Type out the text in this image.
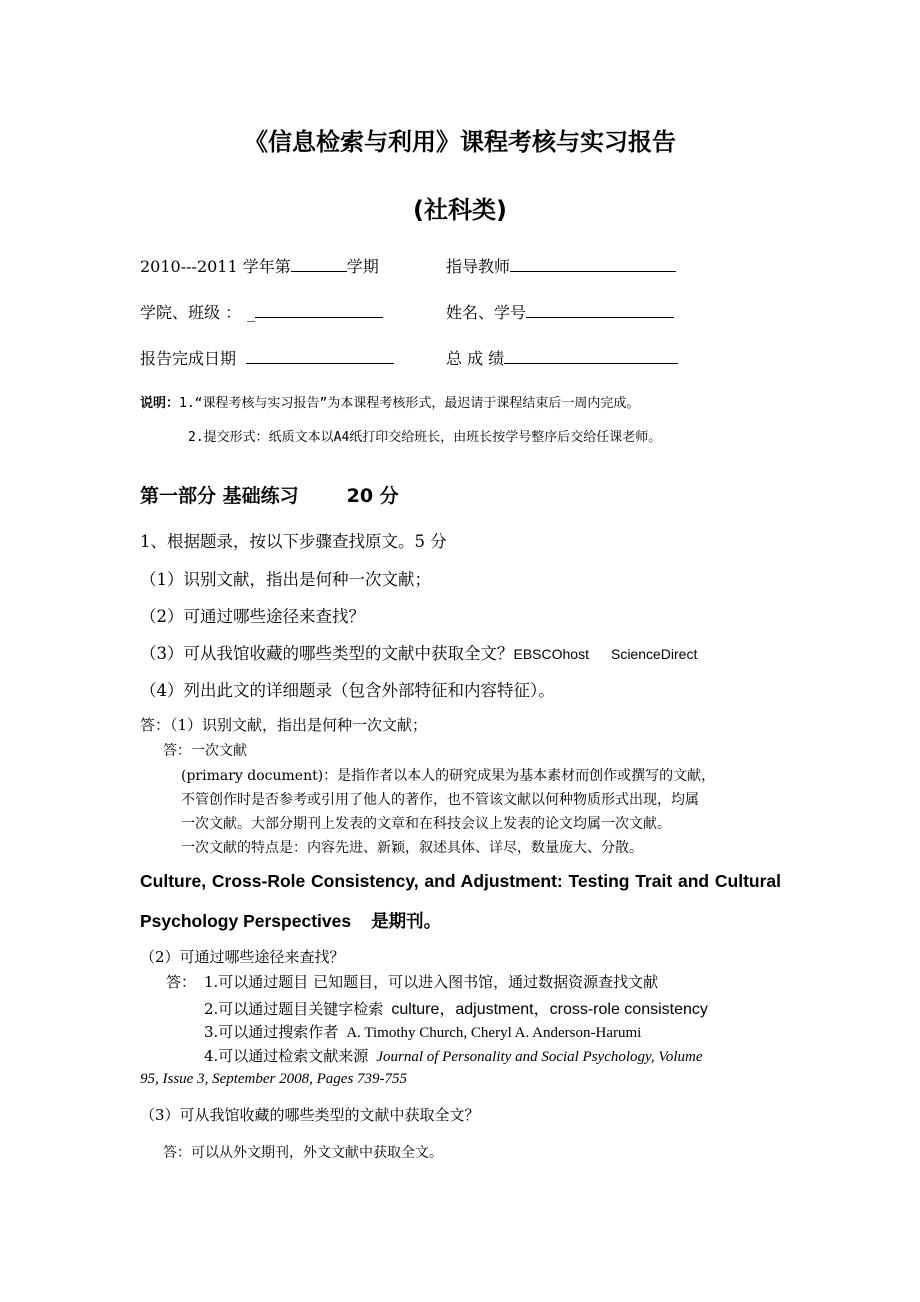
《信息检索与利用》课程考核与实习报告
(社科类)
2010---2011 学年第	学期	指导教师
学院、班级 ： _	姓名、学号
报告完成日期	总 成 绩
说明：1.“课程考核与实习报告”为本课程考核形式，最迟请于课程结束后一周内完成。
2.提交形式：纸质文本以A4纸打印交给班长，由班长按学号整序后交给任课老师。
第一部分 基础练习	20 分
1、根据题录，按以下步骤查找原文。5 分
（1）识别文献，指出是何种一次文献；
（2）可通过哪些途径来查找？
（3）可从我馆收藏的哪些类型的文献中获取全文？EBSCOhost ScienceDirect
（4）列出此文的详细题录（包含外部特征和内容特征）。
答：（1）识别文献，指出是何种一次文献；
答：一次文献
(primary document)：是指作者以本人的研究成果为基本素材而创作或撰写的文献，
不管创作时是否参考或引用了他人的著作，也不管该文献以何种物质形式出现，均属
一次文献。大部分期刊上发表的文章和在科技会议上发表的论文均属一次文献。
一次文献的特点是：内容先进、新颖，叙述具体、详尽，数量庞大、分散。
Culture, Cross-Role Consistency, and Adjustment: Testing Trait and Cultural
Psychology Perspectives 是期刊。
（2）可通过哪些途径来查找？
答： 1.可以通过题目 已知题目，可以进入图书馆，通过数据资源查找文献
2.可以通过题目关键字检索 culture，adjustment，cross-role consistency
3.可以通过搜索作者 A. Timothy Church, Cheryl A. Anderson-Harumi
4.可以通过检索文献来源 Journal of Personality and Social Psychology, Volume
95, Issue 3, September 2008, Pages 739-755
（3）可从我馆收藏的哪些类型的文献中获取全文？
答：可以从外文期刊，外文文献中获取全文。
